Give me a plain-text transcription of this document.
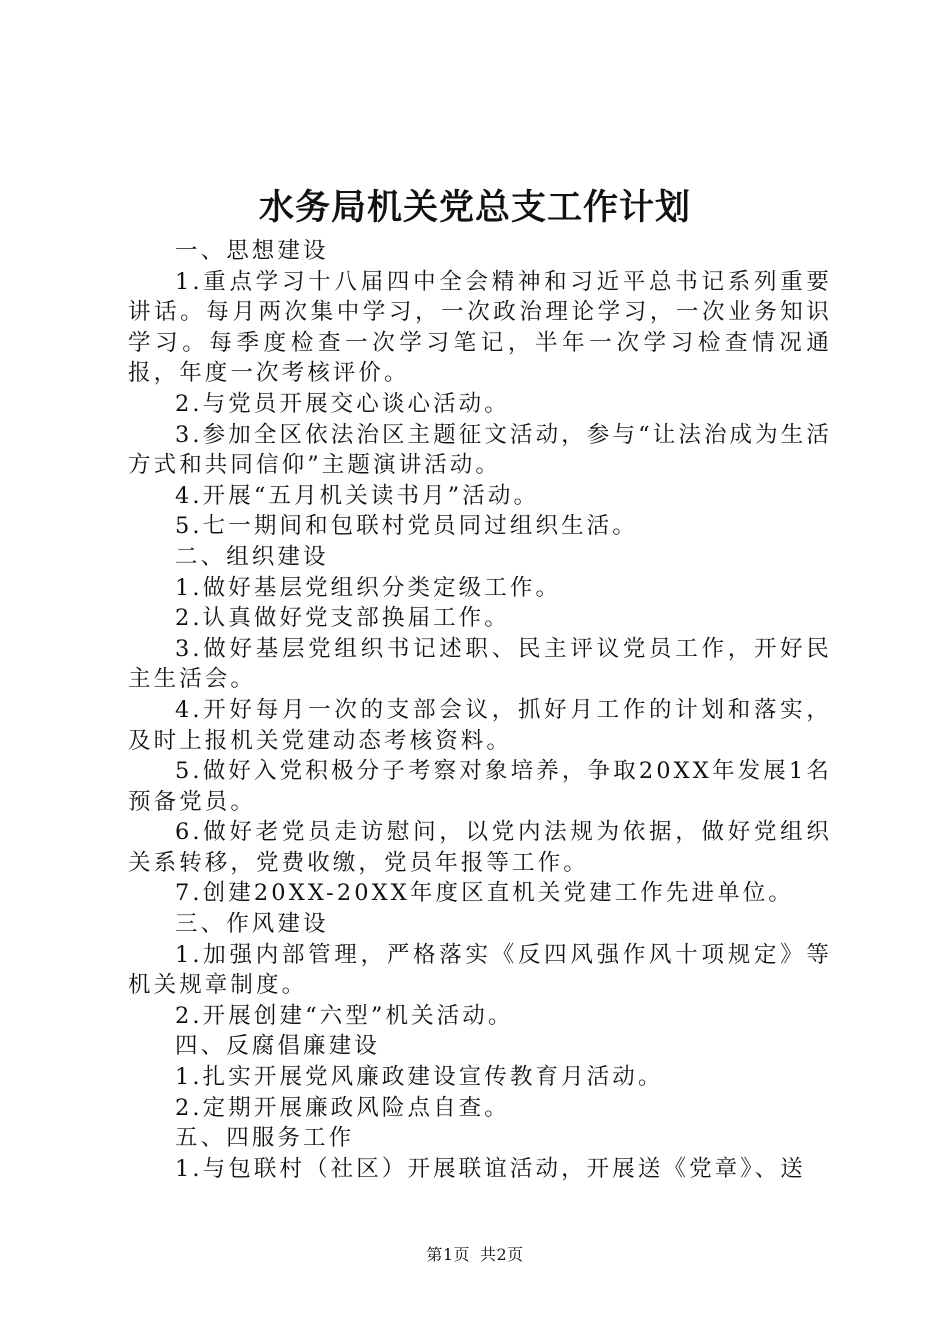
水务局机关党总支工作计划

一、思想建设

1.重点学习十八届四中全会精神和习近平总书记系列重要讲话。每月两次集中学习，一次政治理论学习，一次业务知识学习。每季度检查一次学习笔记，半年一次学习检查情况通报，年度一次考核评价。

2.与党员开展交心谈心活动。

3.参加全区依法治区主题征文活动，参与“让法治成为生活方式和共同信仰”主题演讲活动。

4.开展“五月机关读书月”活动。

5.七一期间和包联村党员同过组织生活。

二、组织建设

1.做好基层党组织分类定级工作。

2.认真做好党支部换届工作。

3.做好基层党组织书记述职、民主评议党员工作，开好民主生活会。

4.开好每月一次的支部会议，抓好月工作的计划和落实，及时上报机关党建动态考核资料。

5.做好入党积极分子考察对象培养，争取20XX年发展1名预备党员。

6.做好老党员走访慰问，以党内法规为依据，做好党组织关系转移，党费收缴，党员年报等工作。

7.创建20XX-20XX年度区直机关党建工作先进单位。

三、作风建设

1.加强内部管理，严格落实《反四风强作风十项规定》等机关规章制度。

2.开展创建“六型”机关活动。

四、反腐倡廉建设

1.扎实开展党风廉政建设宣传教育月活动。

2.定期开展廉政风险点自查。

五、四服务工作

1.与包联村（社区）开展联谊活动，开展送《党章》、送

第1页 共2页
